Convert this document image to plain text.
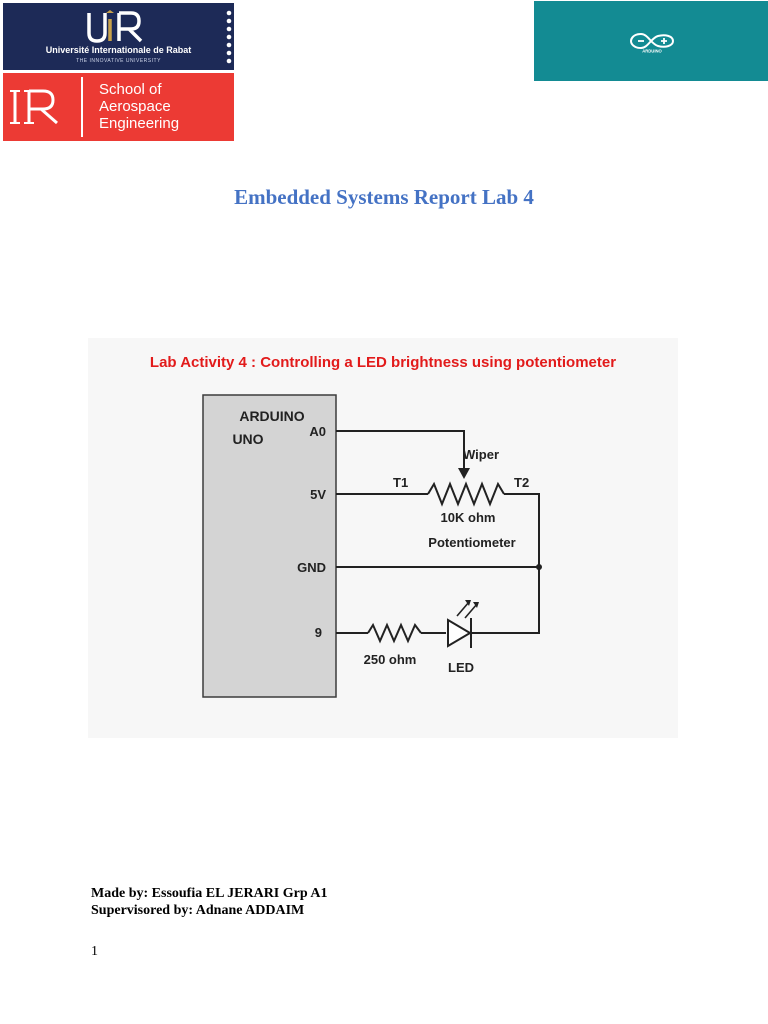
Université Internationale de Rabat
THE INNOVATIVE UNIVERSITY
School of
Aerospace
Engineering
ARDUINO
Embedded Systems Report Lab 4
Lab Activity 4 : Controlling a LED brightness using potentiometer
ARDUINO
UNO	A0
5V
GND
9
Wiper
T1	T2
10K ohm
Potentiometer
250 ohm
LED
Made by: Essoufia EL JERARI Grp A1
Supervisored by: Adnane ADDAIM
1
